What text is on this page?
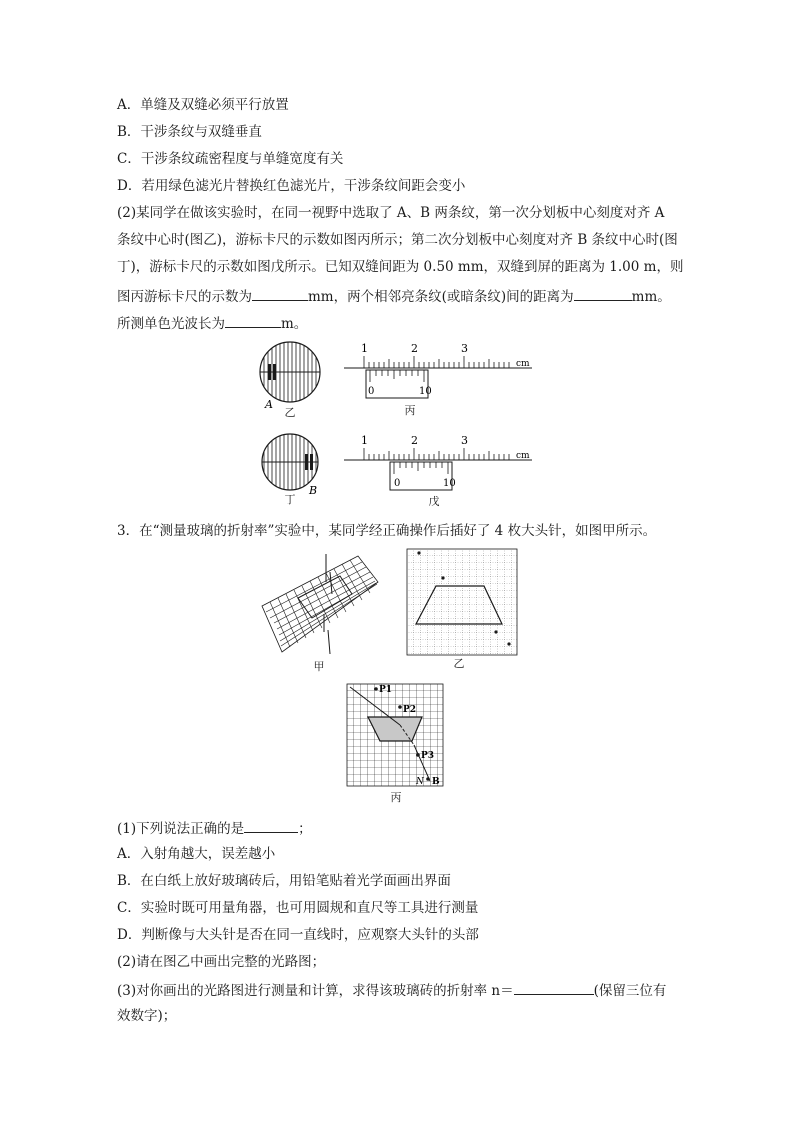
A．单缝及双缝必须平行放置
B．干涉条纹与双缝垂直
C．干涉条纹疏密程度与单缝宽度有关
D．若用绿色滤光片替换红色滤光片，干涉条纹间距会变小
(2)某同学在做该实验时，在同一视野中选取了 A、B 两条纹，第一次分划板中心刻度对齐 A
条纹中心时(图乙)，游标卡尺的示数如图丙所示；第二次分划板中心刻度对齐 B 条纹中心时(图
丁)，游标卡尺的示数如图戊所示。已知双缝间距为 0.50 mm，双缝到屏的距离为 1.00 m，则
图丙游标卡尺的示数为	mm，两个相邻亮条纹(或暗条纹)间的距离为	mm。
所测单色光波长为	m。
A
乙
1	2	3
cm
0	10
丙
B
丁
1	2	3
cm
0	10
戊
3．在“测量玻璃的折射率”实验中，某同学经正确操作后插好了 4 枚大头针，如图甲所示。
甲	乙
P1
P2
P3
N B
丙
(1)下列说法正确的是	；
A．入射角越大，误差越小
B．在白纸上放好玻璃砖后，用铅笔贴着光学面画出界面
C．实验时既可用量角器，也可用圆规和直尺等工具进行测量
D．判断像与大头针是否在同一直线时，应观察大头针的头部
(2)请在图乙中画出完整的光路图；
(3)对你画出的光路图进行测量和计算，求得该玻璃砖的折射率 n＝	(保留三位有
效数字)；
